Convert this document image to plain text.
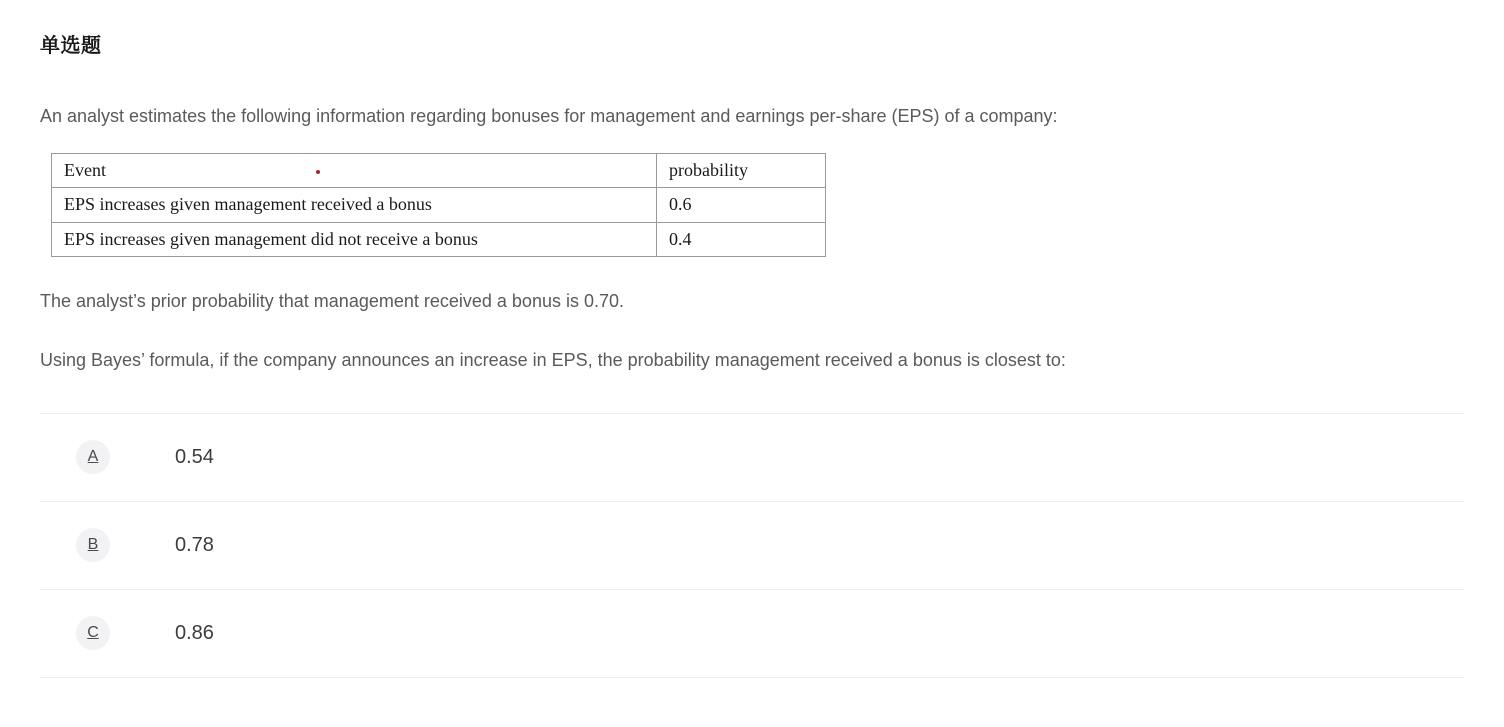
单选题
An analyst estimates the following information regarding bonuses for management and earnings per-share (EPS) of a company:
Event	probability
EPS increases given management received a bonus	0.6
EPS increases given management did not receive a bonus	0.4
The analyst’s prior probability that management received a bonus is 0.70.
Using Bayes’ formula, if the company announces an increase in EPS, the probability management received a bonus is closest to:
A	0.54
B	0.78
C	0.86
